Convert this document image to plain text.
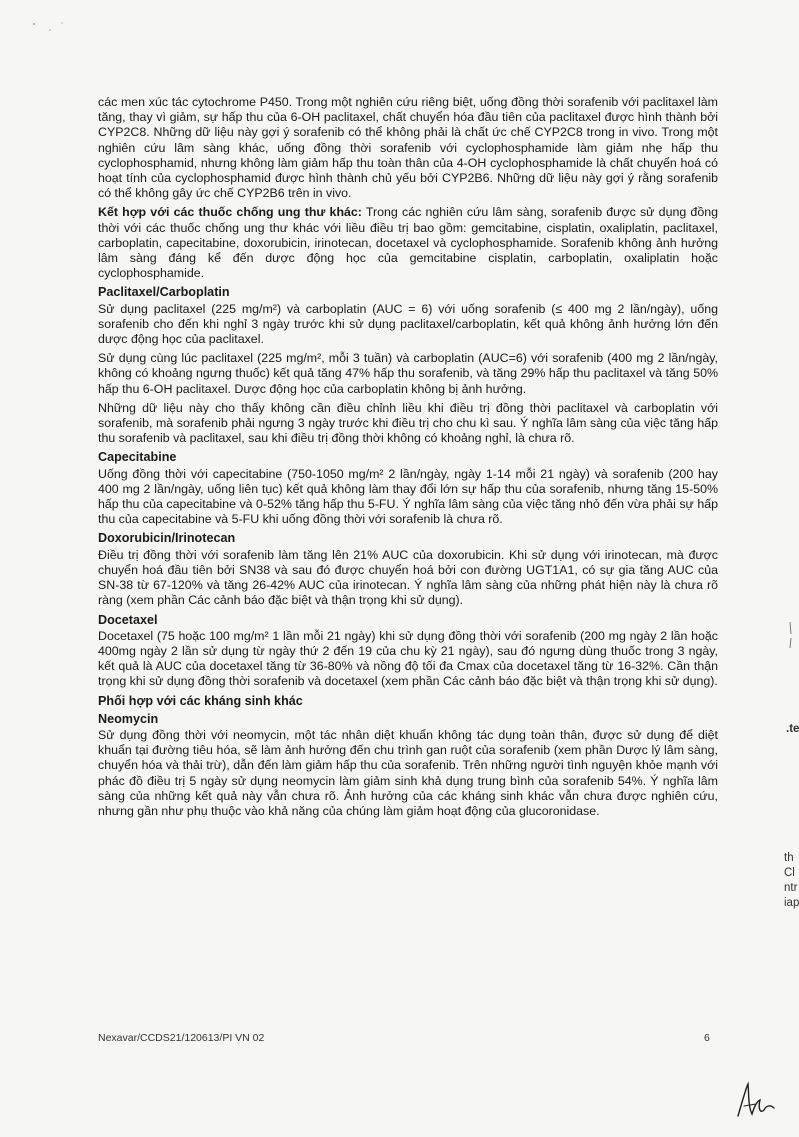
các men xúc tác cytochrome P450. Trong một nghiên cứu riêng biệt, uống đồng thời sorafenib với paclitaxel làm tăng, thay vì giảm, sự hấp thu của 6-OH paclitaxel, chất chuyển hóa đầu tiên của paclitaxel được hình thành bởi CYP2C8. Những dữ liệu này gợi ý sorafenib có thể không phải là chất ức chế CYP2C8 trong in vivo. Trong một nghiên cứu lâm sàng khác, uống đồng thời sorafenib với cyclophosphamide làm giảm nhẹ hấp thu cyclophosphamid, nhưng không làm giảm hấp thu toàn thân của 4-OH cyclophosphamide là chất chuyển hoá có hoạt tính của cyclophosphamid được hình thành chủ yếu bởi CYP2B6. Những dữ liệu này gợi ý rằng sorafenib có thể không gây ức chế CYP2B6 trên in vivo.

Kết hợp với các thuốc chống ung thư khác: Trong các nghiên cứu lâm sàng, sorafenib được sử dụng đồng thời với các thuốc chống ung thư khác với liều điều trị bao gồm: gemcitabine, cisplatin, oxaliplatin, paclitaxel, carboplatin, capecitabine, doxorubicin, irinotecan, docetaxel và cyclophosphamide. Sorafenib không ảnh hưởng lâm sàng đáng kể đến dược động học của gemcitabine cisplatin, carboplatin, oxaliplatin hoặc cyclophosphamide.

Paclitaxel/Carboplatin

Sử dụng paclitaxel (225 mg/m²) và carboplatin (AUC = 6) với uống sorafenib (≤ 400 mg 2 lần/ngày), uống sorafenib cho đến khi nghỉ 3 ngày trước khi sử dụng paclitaxel/carboplatin, kết quả không ảnh hưởng lớn đến dược động học của paclitaxel.

Sử dụng cùng lúc paclitaxel (225 mg/m², mỗi 3 tuần) và carboplatin (AUC=6) với sorafenib (400 mg 2 lần/ngày, không có khoảng ngưng thuốc) kết quả tăng 47% hấp thu sorafenib, và tăng 29% hấp thu paclitaxel và tăng 50% hấp thu 6-OH paclitaxel. Dược động học của carboplatin không bị ảnh hưởng.

Những dữ liệu này cho thấy không cần điều chỉnh liều khi điều trị đồng thời paclitaxel và carboplatin với sorafenib, mà sorafenib phải ngưng 3 ngày trước khi điều trị cho chu kì sau. Ý nghĩa lâm sàng của việc tăng hấp thu sorafenib và paclitaxel, sau khi điều trị đồng thời không có khoảng nghỉ, là chưa rõ.

Capecitabine

Uống đồng thời với capecitabine (750-1050 mg/m² 2 lần/ngày, ngày 1-14 mỗi 21 ngày) và sorafenib (200 hay 400 mg 2 lần/ngày, uống liên tục) kết quả không làm thay đổi lớn sự hấp thu của sorafenib, nhưng tăng 15-50% hấp thu của capecitabine và 0-52% tăng hấp thu 5-FU. Ý nghĩa lâm sàng của việc tăng nhỏ đến vừa phải sự hấp thu của capecitabine và 5-FU khi uống đồng thời với sorafenib là chưa rõ.

Doxorubicin/Irinotecan

Điều trị đồng thời với sorafenib làm tăng lên 21% AUC của doxorubicin. Khi sử dụng với irinotecan, mà được chuyển hoá đầu tiên bởi SN38 và sau đó được chuyển hoá bởi con đường UGT1A1, có sự gia tăng AUC của SN-38 từ 67-120% và tăng 26-42% AUC của irinotecan. Ý nghĩa lâm sàng của những phát hiện này là chưa rõ ràng (xem phần Các cảnh báo đặc biệt và thận trọng khi sử dụng).

Docetaxel

Docetaxel (75 hoặc 100 mg/m² 1 lần mỗi 21 ngày) khi sử dụng đồng thời với sorafenib (200 mg ngày 2 lần hoặc 400mg ngày 2 lần sử dụng từ ngày thứ 2 đến 19 của chu kỳ 21 ngày), sau đó ngưng dùng thuốc trong 3 ngày, kết quả là AUC của docetaxel tăng từ 36-80% và nồng độ tối đa Cmax của docetaxel tăng từ 16-32%. Cần thận trọng khi sử dụng đồng thời sorafenib và docetaxel (xem phần Các cảnh báo đặc biệt và thận trọng khi sử dụng).

Phối hợp với các kháng sinh khác
Neomycin

Sử dụng đồng thời với neomycin, một tác nhân diệt khuẩn không tác dụng toàn thân, được sử dụng để diệt khuẩn tại đường tiêu hóa, sẽ làm ảnh hưởng đến chu trình gan ruột của sorafenib (xem phần Dược lý lâm sàng, chuyển hóa và thải trừ), dẫn đến làm giảm hấp thu của sorafenib. Trên những người tình nguyện khỏe mạnh với phác đồ điều trị 5 ngày sử dụng neomycin làm giảm sinh khả dụng trung bình của sorafenib 54%. Ý nghĩa lâm sàng của những kết quả này vẫn chưa rõ. Ảnh hưởng của các kháng sinh khác vẫn chưa được nghiên cứu, nhưng gần như phụ thuộc vào khả năng của chúng làm giảm hoạt động của glucoronidase.

Nexavar/CCDS21/120613/PI VN 02	6
.te
th
Cl
ntr
iap
